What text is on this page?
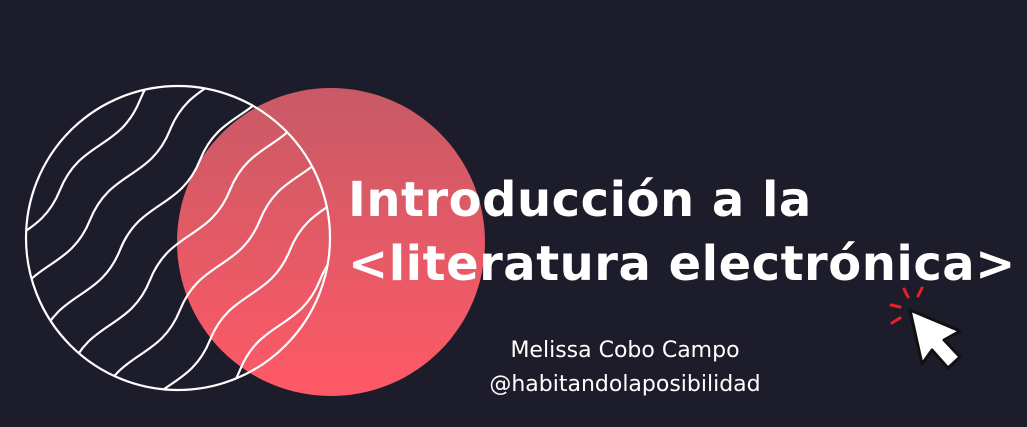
Introducción a la
<literatura electrónica>
Melissa Cobo Campo
@habitandolaposibilidad
